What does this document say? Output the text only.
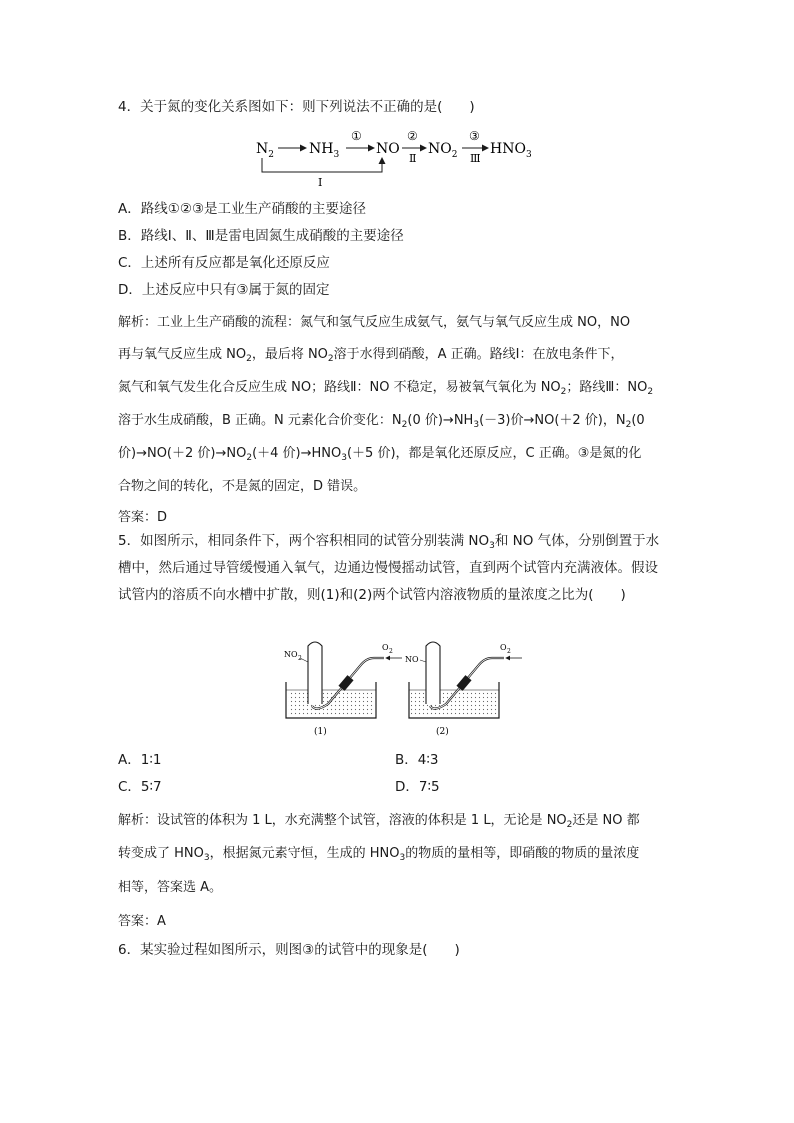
4．关于氮的变化关系图如下：则下列说法不正确的是(　　)
$N_2$	$NH_3$
①
NO
②
Ⅱ
$NO_2$
③
Ⅲ
$HNO_3$
Ⅰ
A．路线①②③是工业生产硝酸的主要途径
B．路线Ⅰ、Ⅱ、Ⅲ是雷电固氮生成硝酸的主要途径
C．上述所有反应都是氧化还原反应
D．上述反应中只有③属于氮的固定
解析：工业上生产硝酸的流程：氮气和氢气反应生成氨气，氨气与氧气反应生成 NO，NO
再与氧气反应生成 $NO_2$，最后将 $NO_2$溶于水得到硝酸，A 正确。路线Ⅰ：在放电条件下，
氮气和氧气发生化合反应生成 NO；路线Ⅱ：NO 不稳定，易被氧气氧化为 $NO_2$；路线Ⅲ：$NO_2$
溶于水生成硝酸，B 正确。N 元素化合价变化：$N_2(0$ 价)$\to NH_3(-3)$价→NO(＋2 价)，$N_2(0$
价)→NO(＋2 价)$\to NO_2(+4$ 价)$\to HNO_3(+5$ 价)，都是氧化还原反应，C 正确。③是氮的化
合物之间的转化，不是氮的固定，D 错误。
答案：D
5．如图所示，相同条件下，两个容积相同的试管分别装满 $NO_3$和 NO 气体，分别倒置于水
槽中，然后通过导管缓慢通入氧气，边通边慢慢摇动试管，直到两个试管内充满液体。假设
试管内的溶质不向水槽中扩散，则(1)和(2)两个试管内溶液物质的量浓度之比为(　　)
NO 2
O 2
(1)
NO
O 2
(2)
A．1∶1	B．4∶3
C．5∶7	D．7∶5
解析：设试管的体积为 1 L，水充满整个试管，溶液的体积是 1 L，无论是 $NO_2$还是 NO 都
转变成了 $HNO_3$，根据氮元素守恒，生成的 $HNO_3$的物质的量相等，即硝酸的物质的量浓度
相等，答案选 A。
答案：A
6．某实验过程如图所示，则图③的试管中的现象是(　　)
